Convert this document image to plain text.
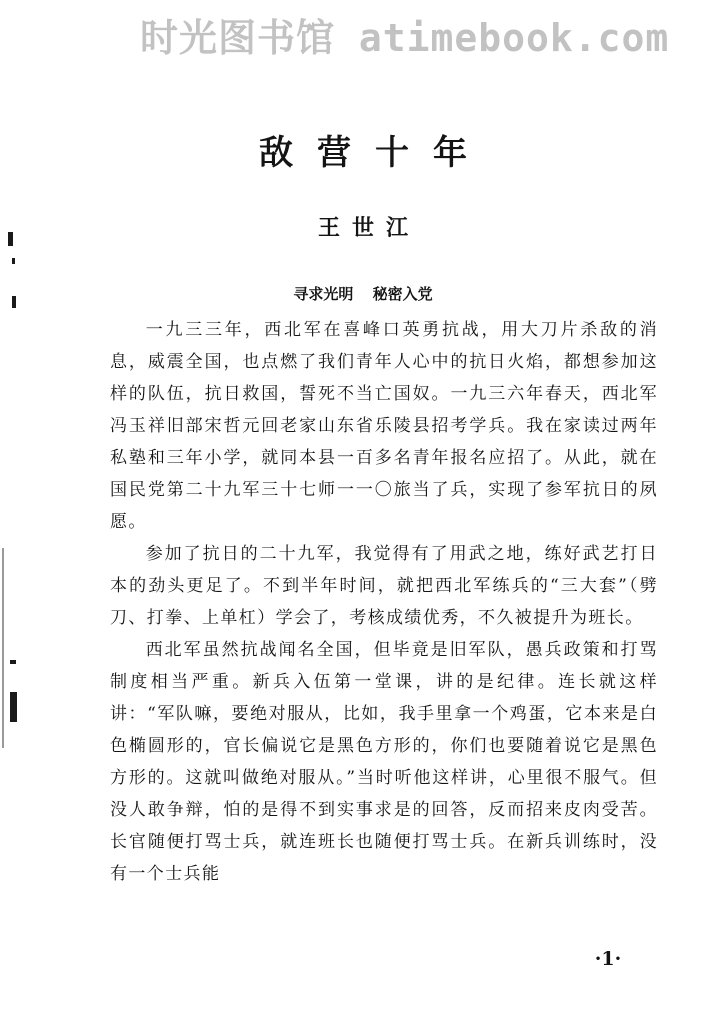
时光图书馆 atimebook.com
敌营十年
王世江
寻求光明 秘密入党

一九三三年，西北军在喜峰口英勇抗战，用大刀片杀敌的消息，威震全国，也点燃了我们青年人心中的抗日火焰，都想参加这样的队伍，抗日救国，誓死不当亡国奴。一九三六年春天，西北军冯玉祥旧部宋哲元回老家山东省乐陵县招考学兵。我在家读过两年私塾和三年小学，就同本县一百多名青年报名应招了。从此，就在国民党第二十九军三十七师一一〇旅当了兵，实现了参军抗日的夙愿。

参加了抗日的二十九军，我觉得有了用武之地，练好武艺打日本的劲头更足了。不到半年时间，就把西北军练兵的“三大套”（劈刀、打拳、上单杠）学会了，考核成绩优秀，不久被提升为班长。

西北军虽然抗战闻名全国，但毕竟是旧军队，愚兵政策和打骂制度相当严重。新兵入伍第一堂课，讲的是纪律。连长就这样讲：“军队嘛，要绝对服从，比如，我手里拿一个鸡蛋，它本来是白色椭圆形的，官长偏说它是黑色方形的，你们也要随着说它是黑色方形的。这就叫做绝对服从。”当时听他这样讲，心里很不服气。但没人敢争辩，怕的是得不到实事求是的回答，反而招来皮肉受苦。长官随便打骂士兵，就连班长也随便打骂士兵。在新兵训练时，没有一个士兵能

·1·
